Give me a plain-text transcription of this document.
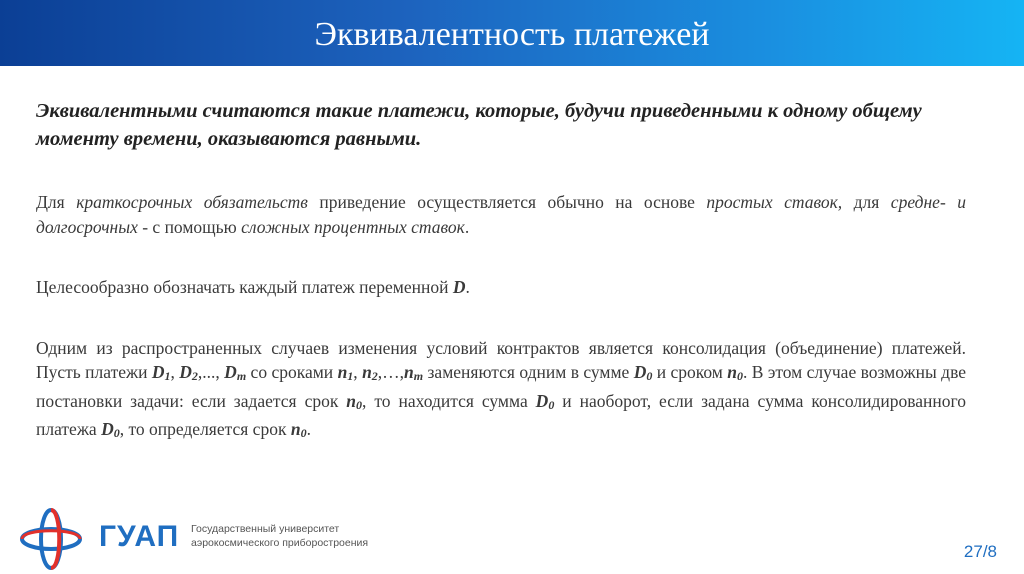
Эквивалентность платежей

Эквивалентными считаются такие платежи, которые, будучи приведенными к одному общему моменту времени, оказываются равными.

Для краткосрочных обязательств приведение осуществляется обычно на основе простых ставок, для средне- и долгосрочных - с помощью сложных процентных ставок.

Целесообразно обозначать каждый платеж переменной D.

Одним из распространенных случаев изменения условий контрактов является консолидация (объединение) платежей. Пусть платежи $D_1$, $D_2$,..., $D_m$ со сроками $n_1$, $n_2,\dots,n_m$ заменяются одним в сумме $D_0$ и сроком $n_0$. В этом случае возможны две постановки задачи: если задается срок $n_0$, то находится сумма $D_0$ и наоборот, если задана сумма консолидированного платежа $D_0$, то определяется срок $n_0$.

ГУАП Государственный университет
аэрокосмического приборостроения	27/8
